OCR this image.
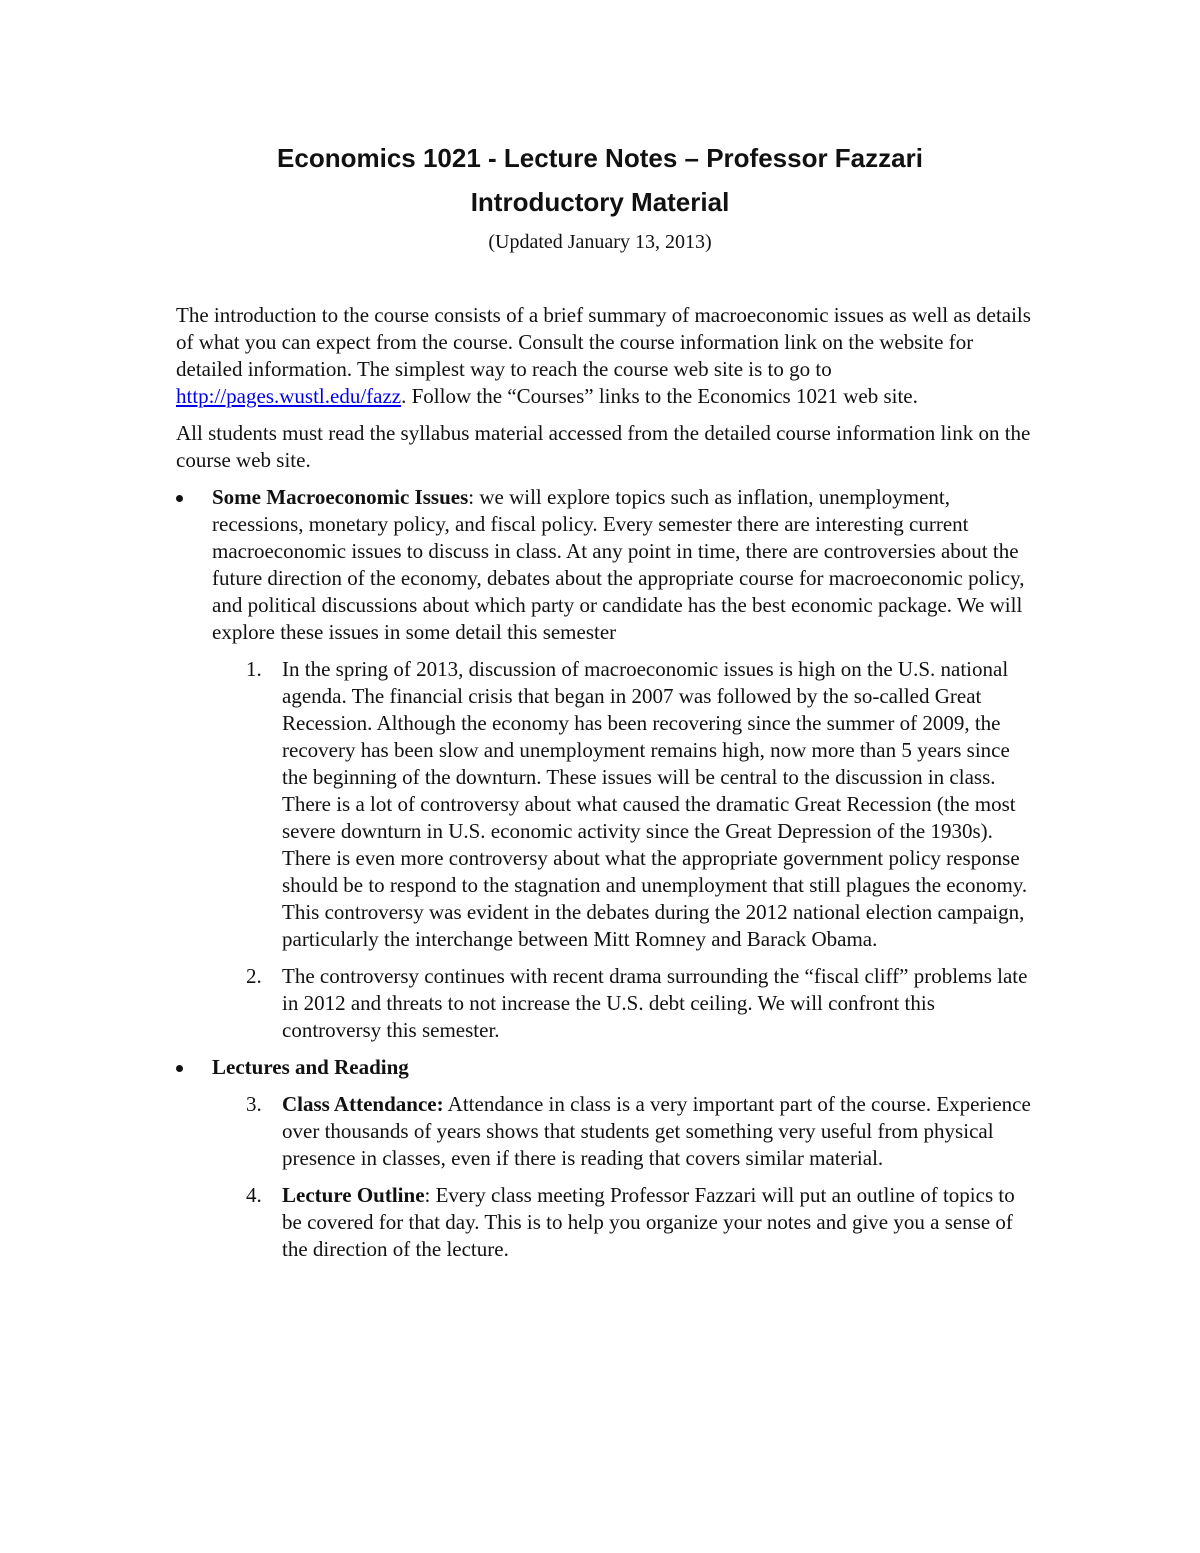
Economics 1021 - Lecture Notes – Professor Fazzari
Introductory Material

(Updated January 13, 2013)

The introduction to the course consists of a brief summary of macroeconomic issues as well as details of what you can expect from the course. Consult the course information link on the website for detailed information. The simplest way to reach the course web site is to go to http://pages.wustl.edu/fazz. Follow the “Courses” links to the Economics 1021 web site.

All students must read the syllabus material accessed from the detailed course information link on the course web site.

Some Macroeconomic Issues: we will explore topics such as inflation, unemployment, recessions, monetary policy, and fiscal policy. Every semester there are interesting current macroeconomic issues to discuss in class. At any point in time, there are controversies about the future direction of the economy, debates about the appropriate course for macroeconomic policy, and political discussions about which party or candidate has the best economic package. We will explore these issues in some detail this semester
1. In the spring of 2013, discussion of macroeconomic issues is high on the U.S. national agenda. The financial crisis that began in 2007 was followed by the so-called Great Recession. Although the economy has been recovering since the summer of 2009, the recovery has been slow and unemployment remains high, now more than 5 years since the beginning of the downturn. These issues will be central to the discussion in class. There is a lot of controversy about what caused the dramatic Great Recession (the most severe downturn in U.S. economic activity since the Great Depression of the 1930s). There is even more controversy about what the appropriate government policy response should be to respond to the stagnation and unemployment that still plagues the economy. This controversy was evident in the debates during the 2012 national election campaign, particularly the interchange between Mitt Romney and Barack Obama.
2. The controversy continues with recent drama surrounding the “fiscal cliff” problems late in 2012 and threats to not increase the U.S. debt ceiling. We will confront this controversy this semester.
Lectures and Reading
3. Class Attendance: Attendance in class is a very important part of the course. Experience over thousands of years shows that students get something very useful from physical presence in classes, even if there is reading that covers similar material.
4. Lecture Outline: Every class meeting Professor Fazzari will put an outline of topics to be covered for that day. This is to help you organize your notes and give you a sense of the direction of the lecture.
